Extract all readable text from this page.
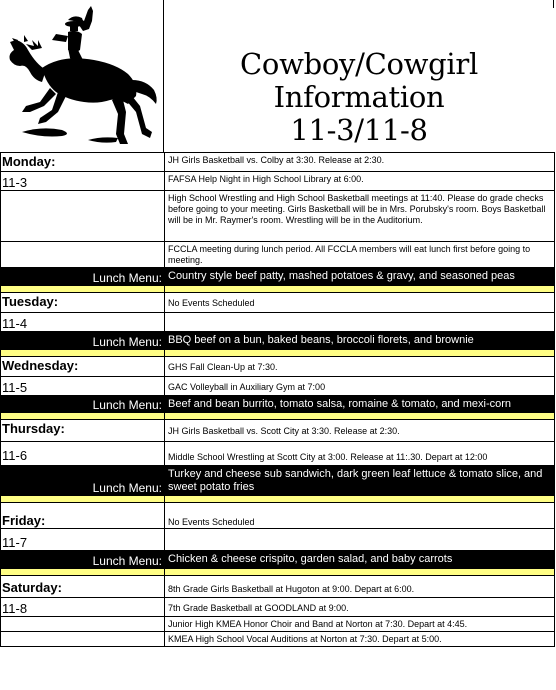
Cowboy/Cowgirl
Information
11-3/11-8
Monday:	JH Girls Basketball vs. Colby at 3:30. Release at 2:30.
11-3	FAFSA Help Night in High School Library at 6:00.
	High School Wrestling and High School Basketball meetings at 11:40. Please do grade checks before going to your meeting. Girls Basketball will be in Mrs. Porubsky's room. Boys Basketball will be in Mr. Raymer's room. Wrestling will be in the Auditorium.
	FCCLA meeting during lunch period. All FCCLA members will eat lunch first before going to meeting.
Lunch Menu:	Country style beef patty, mashed potatoes & gravy, and seasoned peas

Tuesday:	No Events Scheduled
11-4	
Lunch Menu:	BBQ beef on a bun, baked beans, broccoli florets, and brownie

Wednesday:	GHS Fall Clean-Up at 7:30.
11-5	GAC Volleyball in Auxiliary Gym at 7:00
Lunch Menu:	Beef and bean burrito, tomato salsa, romaine & tomato, and mexi-corn

Thursday:	JH Girls Basketball vs. Scott City at 3:30. Release at 2:30.
11-6	Middle School Wrestling at Scott City at 3:00. Release at 11:.30. Depart at 12:00
Lunch Menu:	Turkey and cheese sub sandwich, dark green leaf lettuce & tomato slice, and sweet potato fries

Friday:	No Events Scheduled
11-7	
Lunch Menu:	Chicken & cheese crispito, garden salad, and baby carrots

Saturday:	8th Grade Girls Basketball at Hugoton at 9:00. Depart at 6:00.
11-8	7th Grade Basketball at GOODLAND at 9:00.
	Junior High KMEA Honor Choir and Band at Norton at 7:30. Depart at 4:45.
	KMEA High School Vocal Auditions at Norton at 7:30. Depart at 5:00.
